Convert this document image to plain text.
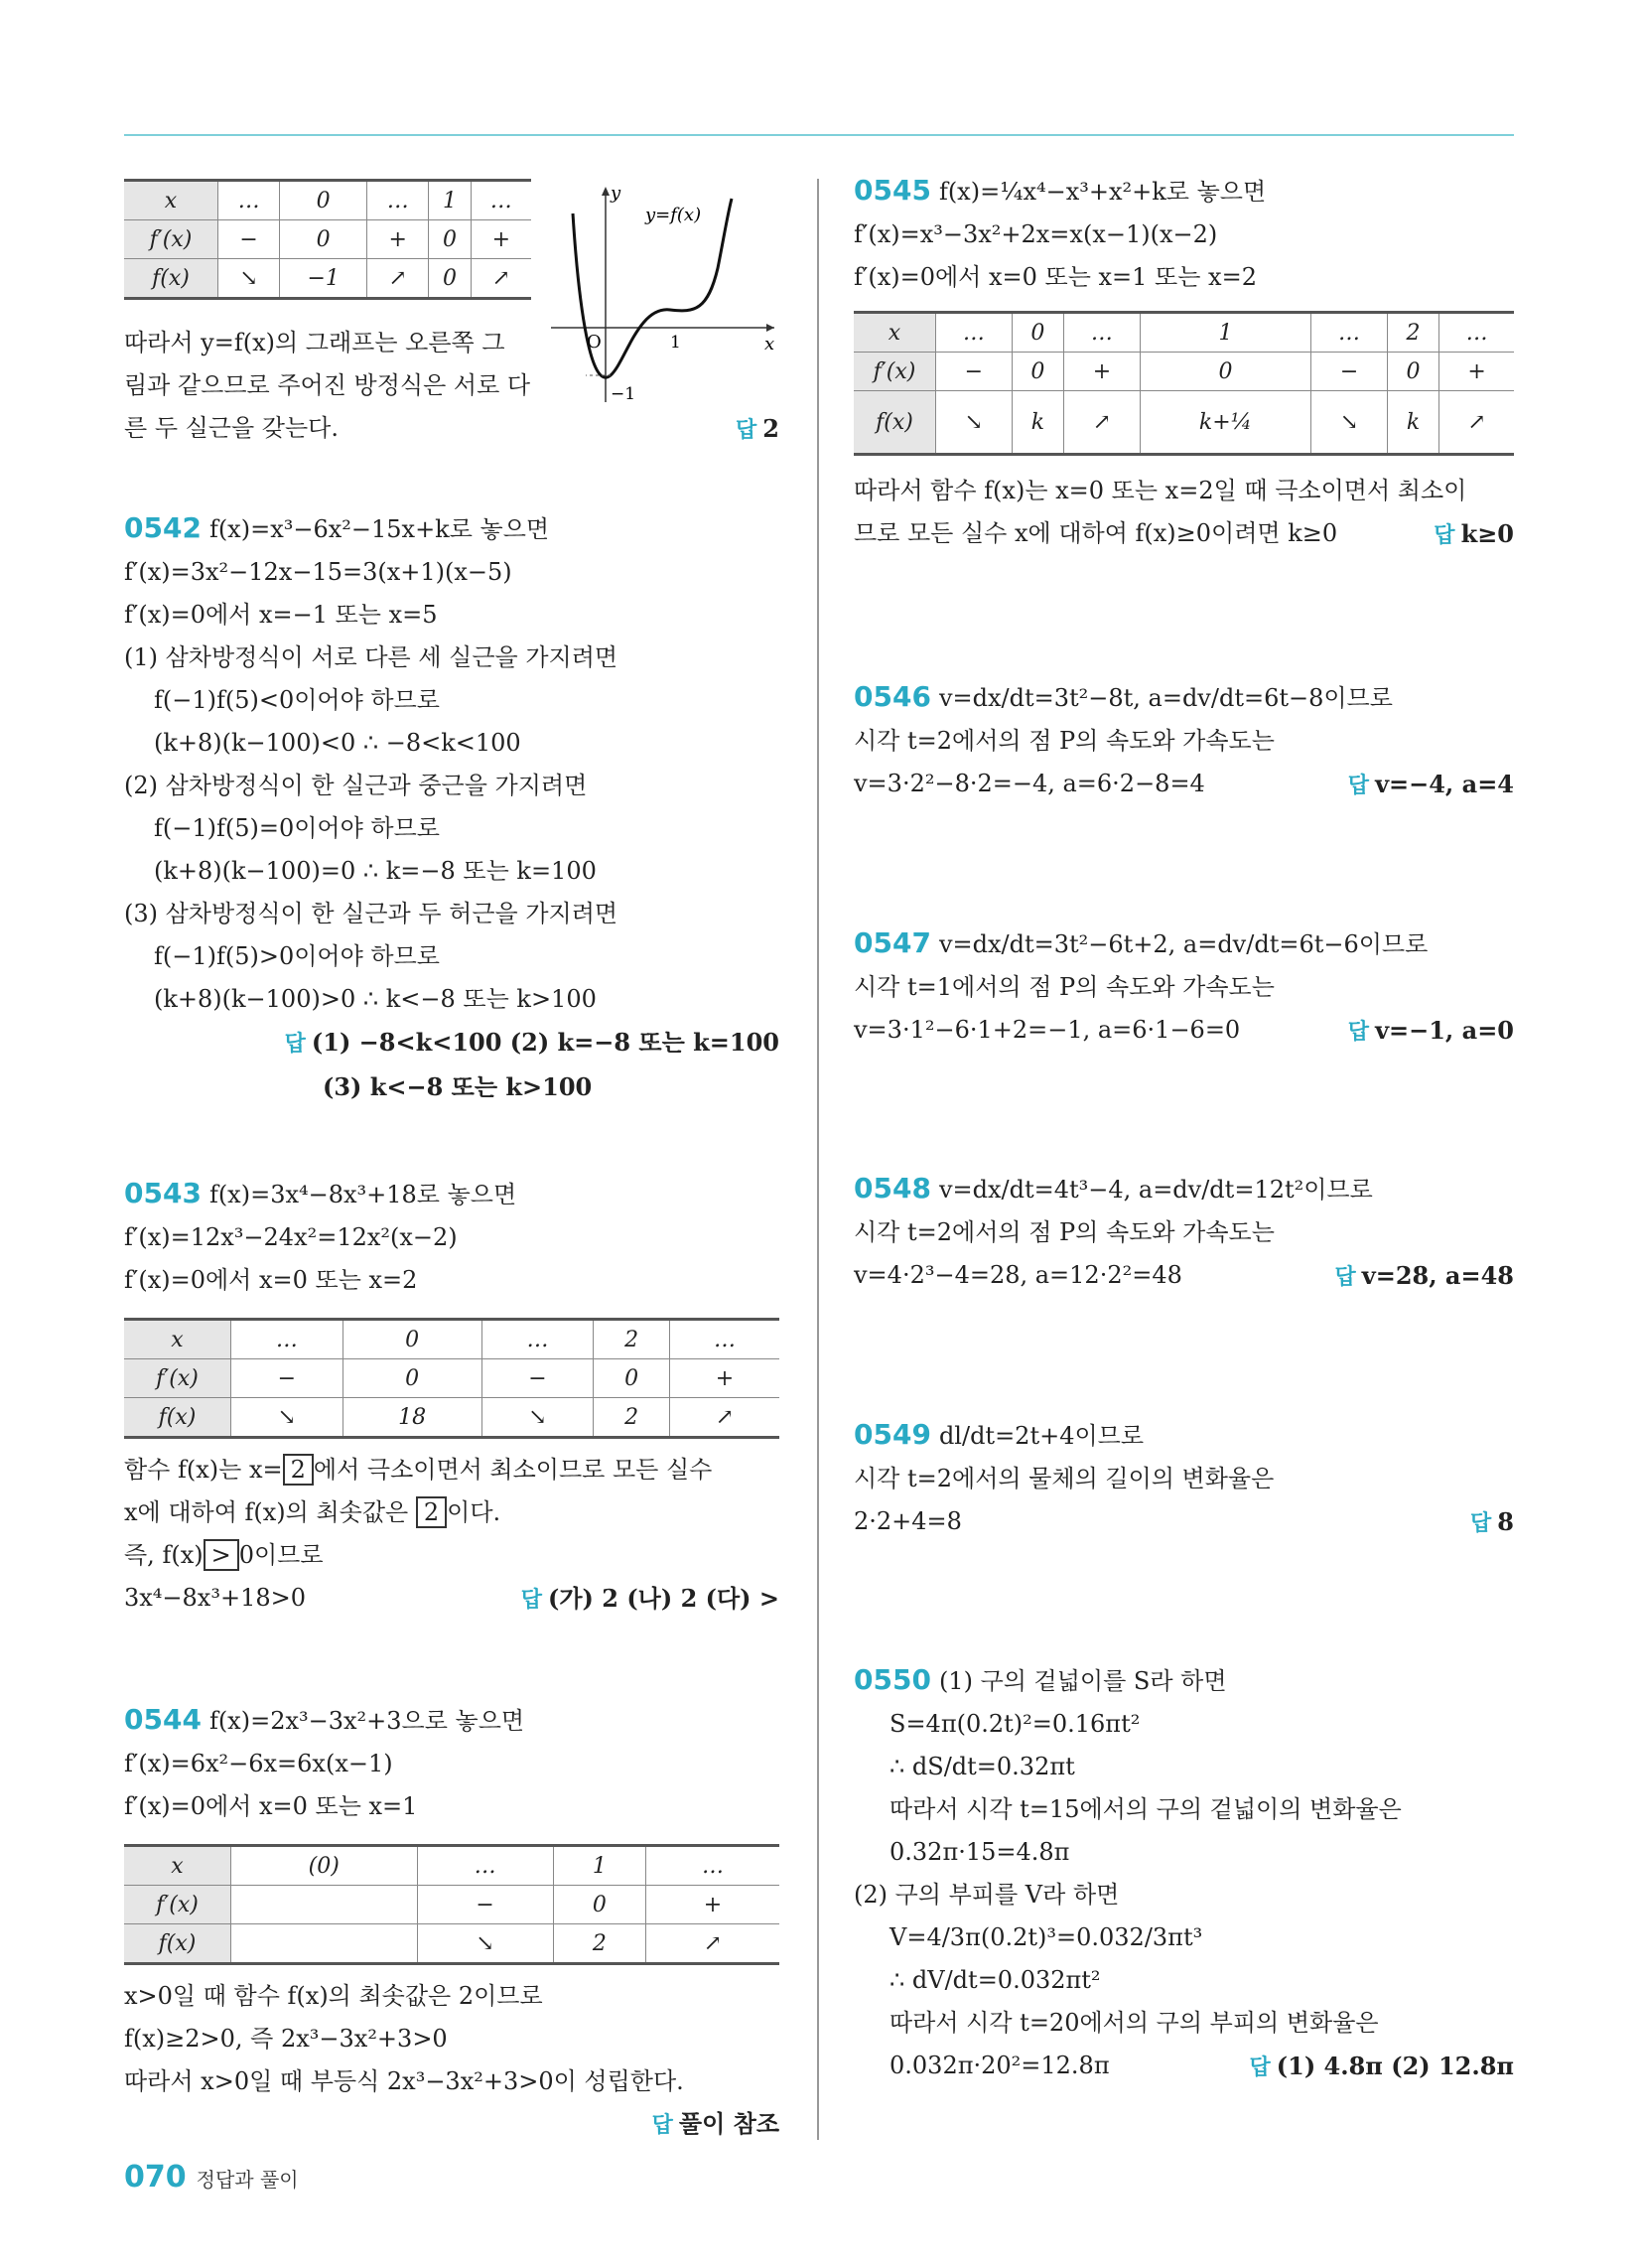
x	…	0	…	1	…
f′(x)	−	0	+	0	+
f(x)	↘	−1	↗	0	↗
y
x
O	1
−1
y=f(x)
따라서 y=f(x)의 그래프는 오른쪽 그
림과 같으므로 주어진 방정식은 서로 다
른 두 실근을 갖는다.	답 2
0542 f(x)=x³−6x²−15x+k로 놓으면
f′(x)=3x²−12x−15=3(x+1)(x−5)
f′(x)=0에서 x=−1 또는 x=5
(1) 삼차방정식이 서로 다른 세 실근을 가지려면
f(−1)f(5)<0이어야 하므로
(k+8)(k−100)<0 ∴ −8<k<100
(2) 삼차방정식이 한 실근과 중근을 가지려면
f(−1)f(5)=0이어야 하므로
(k+8)(k−100)=0 ∴ k=−8 또는 k=100
(3) 삼차방정식이 한 실근과 두 허근을 가지려면
f(−1)f(5)>0이어야 하므로
(k+8)(k−100)>0 ∴ k<−8 또는 k>100
답 (1) −8<k<100 (2) k=−8 또는 k=100
(3) k<−8 또는 k>100
0543 f(x)=3x⁴−8x³+18로 놓으면
f′(x)=12x³−24x²=12x²(x−2)
f′(x)=0에서 x=0 또는 x=2
x	…	0	…	2	…
f′(x)	−	0	−	0	+
f(x)	↘	18	↘	2	↗
함수 f(x)는 x= 2 에서 극소이면서 최소이므로 모든 실수
x에 대하여 f(x)의 최솟값은 2 이다.
즉, f(x) > 0이므로
3x⁴−8x³+18>0	답 (가) 2 (나) 2 (다) >
0544 f(x)=2x³−3x²+3으로 놓으면
f′(x)=6x²−6x=6x(x−1)
f′(x)=0에서 x=0 또는 x=1
x	(0)	…	1	…
f′(x)		−	0	+
f(x)		↘	2	↗
x>0일 때 함수 f(x)의 최솟값은 2이므로
f(x)≥2>0, 즉 2x³−3x²+3>0
따라서 x>0일 때 부등식 2x³−3x²+3>0이 성립한다.
답 풀이 참조
0545 f(x)=¼x⁴−x³+x²+k로 놓으면
f′(x)=x³−3x²+2x=x(x−1)(x−2)
f′(x)=0에서 x=0 또는 x=1 또는 x=2
x	…	0	…	1	…	2	…
f′(x)	−	0	+	0	−	0	+
f(x)	↘	k	↗	k+¼	↘	k	↗
따라서 함수 f(x)는 x=0 또는 x=2일 때 극소이면서 최소이
므로 모든 실수 x에 대하여 f(x)≥0이려면 k≥0	답 k≥0
0546 v=dx/dt=3t²−8t, a=dv/dt=6t−8이므로
시각 t=2에서의 점 P의 속도와 가속도는
v=3·2²−8·2=−4, a=6·2−8=4	답 v=−4, a=4
0547 v=dx/dt=3t²−6t+2, a=dv/dt=6t−6이므로
시각 t=1에서의 점 P의 속도와 가속도는
v=3·1²−6·1+2=−1, a=6·1−6=0	답 v=−1, a=0
0548 v=dx/dt=4t³−4, a=dv/dt=12t²이므로
시각 t=2에서의 점 P의 속도와 가속도는
v=4·2³−4=28, a=12·2²=48	답 v=28, a=48
0549 dl/dt=2t+4이므로
시각 t=2에서의 물체의 길이의 변화율은
2·2+4=8	답 8
0550 (1) 구의 겉넓이를 S라 하면
S=4π(0.2t)²=0.16πt²
∴ dS/dt=0.32πt
따라서 시각 t=15에서의 구의 겉넓이의 변화율은
0.32π·15=4.8π
(2) 구의 부피를 V라 하면
V=4/3π(0.2t)³=0.032/3πt³
∴ dV/dt=0.032πt²
따라서 시각 t=20에서의 구의 부피의 변화율은
0.032π·20²=12.8π	답 (1) 4.8π (2) 12.8π
070 정답과 풀이
